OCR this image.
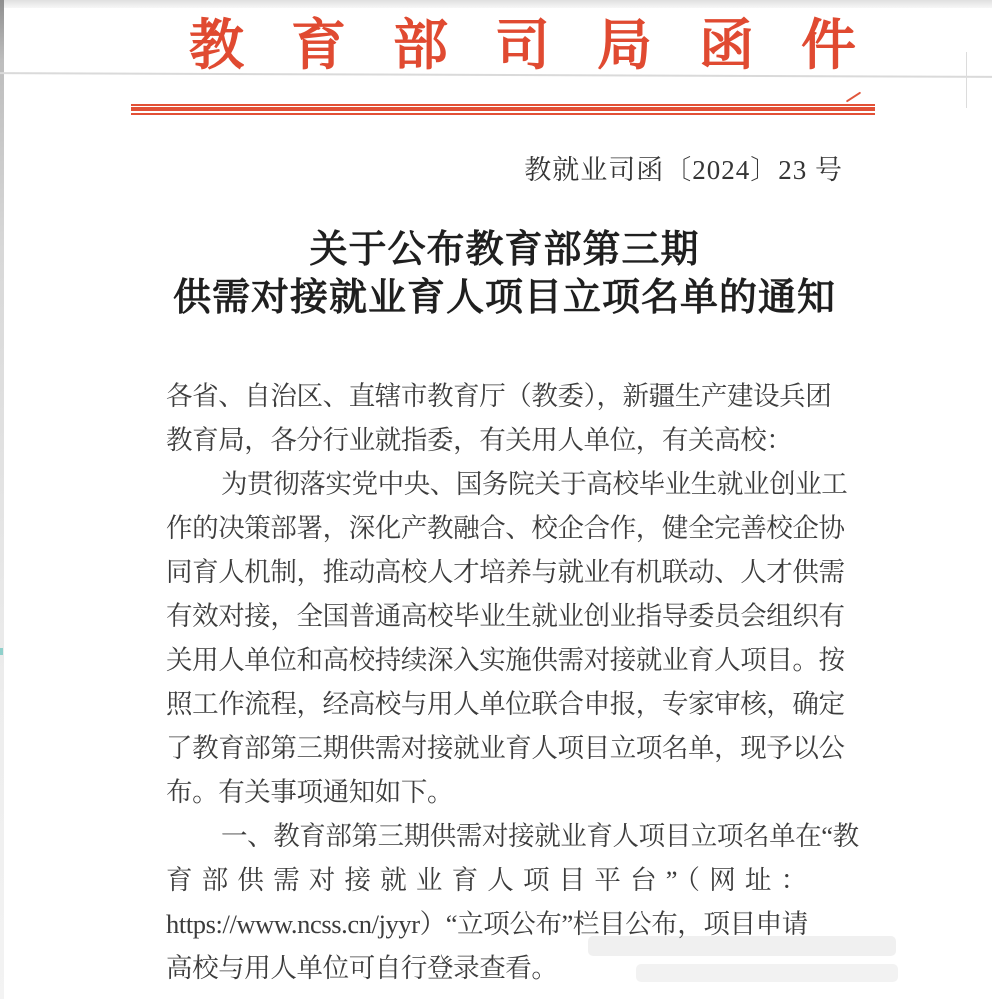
教育部司局函件
教就业司函〔2024〕23 号
关于公布教育部第三期
供需对接就业育人项目立项名单的通知
各省、自治区、直辖市教育厅（教委），新疆生产建设兵团
教育局，各分行业就指委，有关用人单位，有关高校：
为贯彻落实党中央、国务院关于高校毕业生就业创业工
作的决策部署，深化产教融合、校企合作，健全完善校企协
同育人机制，推动高校人才培养与就业有机联动、人才供需
有效对接，全国普通高校毕业生就业创业指导委员会组织有
关用人单位和高校持续深入实施供需对接就业育人项目。按
照工作流程，经高校与用人单位联合申报，专家审核，确定
了教育部第三期供需对接就业育人项目立项名单，现予以公
布。有关事项通知如下。
一、教育部第三期供需对接就业育人项目立项名单在“教
育部供需对接就业育人项目平台”（网址：
https://www.ncss.cn/jyyr）“立项公布”栏目公布，项目申请
高校与用人单位可自行登录查看。
